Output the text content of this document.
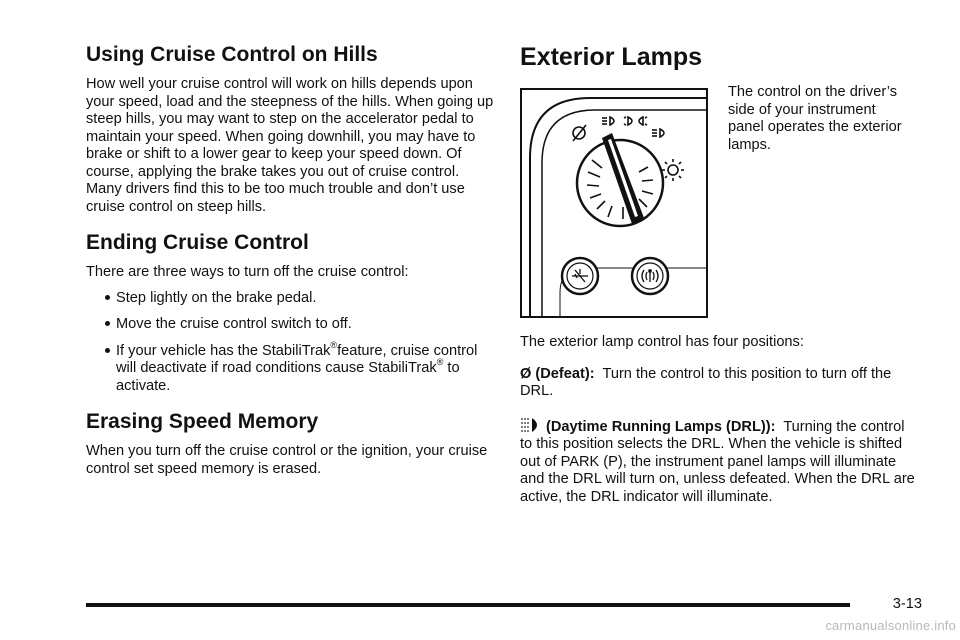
Using Cruise Control on Hills

How well your cruise control will work on hills depends upon your speed, load and the steepness of the hills. When going up steep hills, you may want to step on the accelerator pedal to maintain your speed. When going downhill, you may have to brake or shift to a lower gear to keep your speed down. Of course, applying the brake takes you out of cruise control. Many drivers find this to be too much trouble and don’t use cruise control on steep hills.

Ending Cruise Control

There are three ways to turn off the cruise control:

Step lightly on the brake pedal.
Move the cruise control switch to off.
If your vehicle has the StabiliTrak®feature, cruise control will deactivate if road conditions cause StabiliTrak® to activate.
Erasing Speed Memory

When you turn off the cruise control or the ignition, your cruise control set speed memory is erased.

Exterior Lamps

The control on the driver’s side of your instrument panel operates the exterior lamps.

The exterior lamp control has four positions:

Ø (Defeat): Turn the control to this position to turn off the DRL.

(Daytime Running Lamps (DRL)): Turning the control to this position selects the DRL. When the vehicle is shifted out of PARK (P), the instrument panel lamps will illuminate and the DRL will turn on, unless defeated. When the DRL are active, the DRL indicator will illuminate.

3-13
carmanualsonline.info
